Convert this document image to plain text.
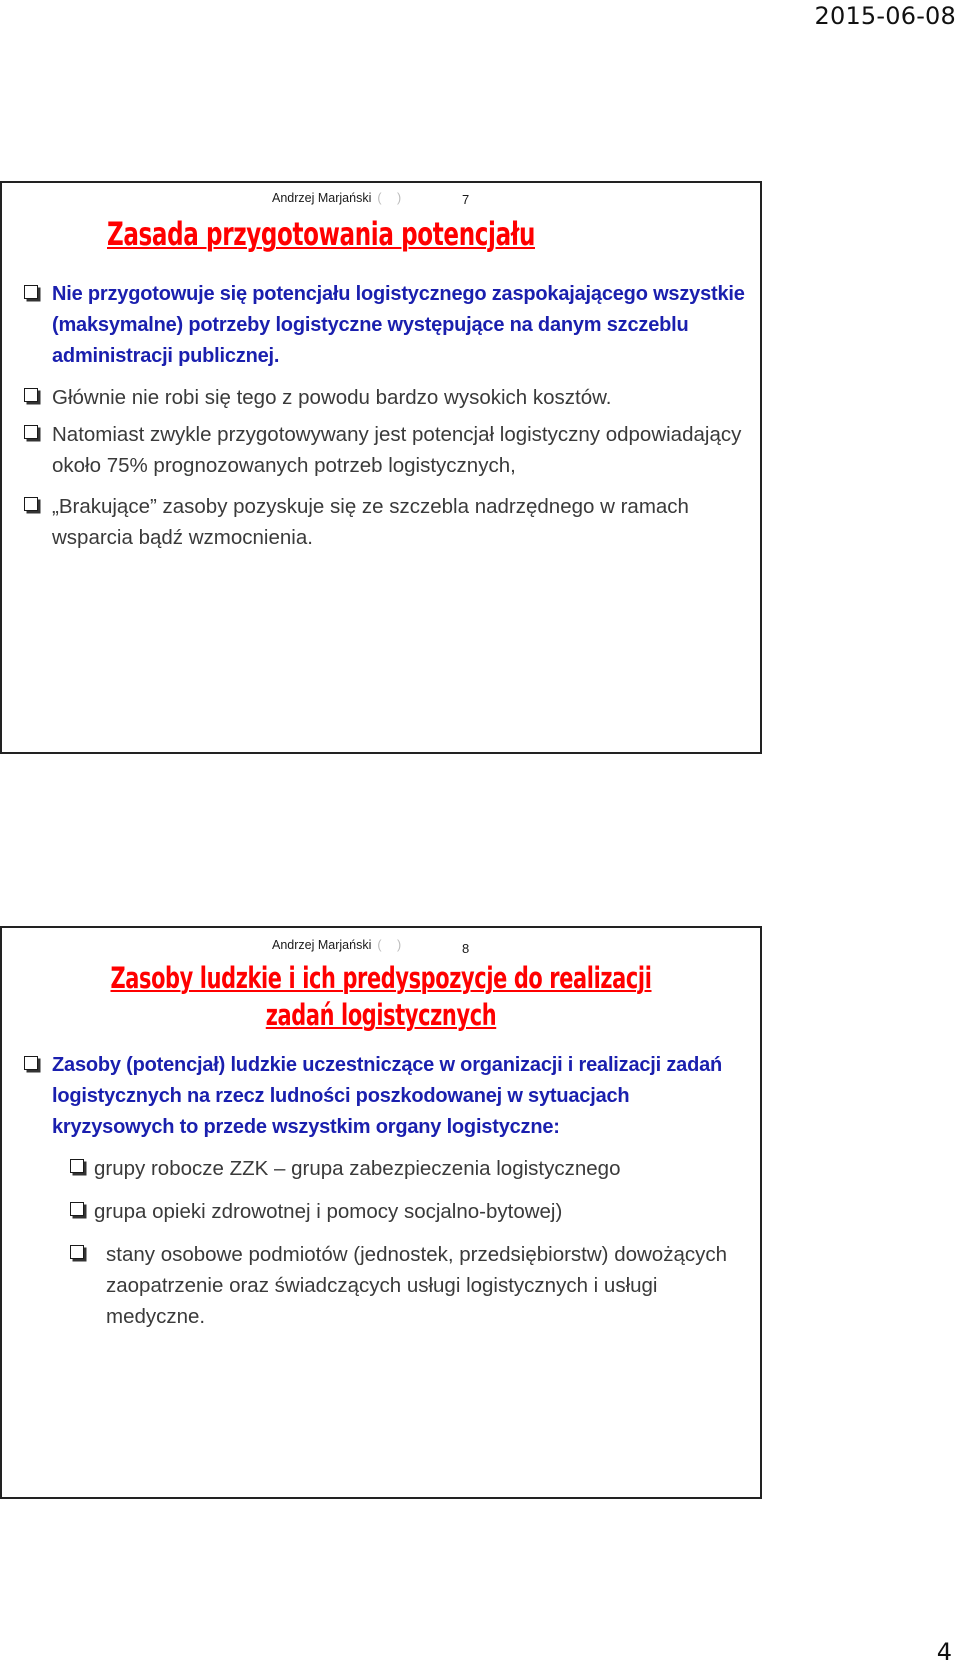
2015-06-08
Andrzej Marjański ( )	7
Zasada przygotowania potencjału
Nie przygotowuje się potencjału logistycznego zaspokajającego wszystkie (maksymalne) potrzeby logistyczne występujące na danym szczeblu administracji publicznej.
Głównie nie robi się tego z powodu bardzo wysokich kosztów.
Natomiast zwykle przygotowywany jest potencjał logistyczny odpowiadający około 75% prognozowanych potrzeb logistycznych,
„Brakujące” zasoby pozyskuje się ze szczebla nadrzędnego w ramach wsparcia bądź wzmocnienia.
Andrzej Marjański ( )	8
Zasoby ludzkie i ich predyspozycje do realizacji zadań logistycznych
Zasoby (potencjał) ludzkie uczestniczące w organizacji i realizacji zadań logistycznych na rzecz ludności poszkodowanej w sytuacjach kryzysowych to przede wszystkim organy logistyczne:
grupy robocze ZZK – grupa zabezpieczenia logistycznego
grupa opieki zdrowotnej i pomocy socjalno-bytowej)
stany osobowe podmiotów (jednostek, przedsiębiorstw) dowożących zaopatrzenie oraz świadczących usługi logistycznych i usługi medyczne.
4
